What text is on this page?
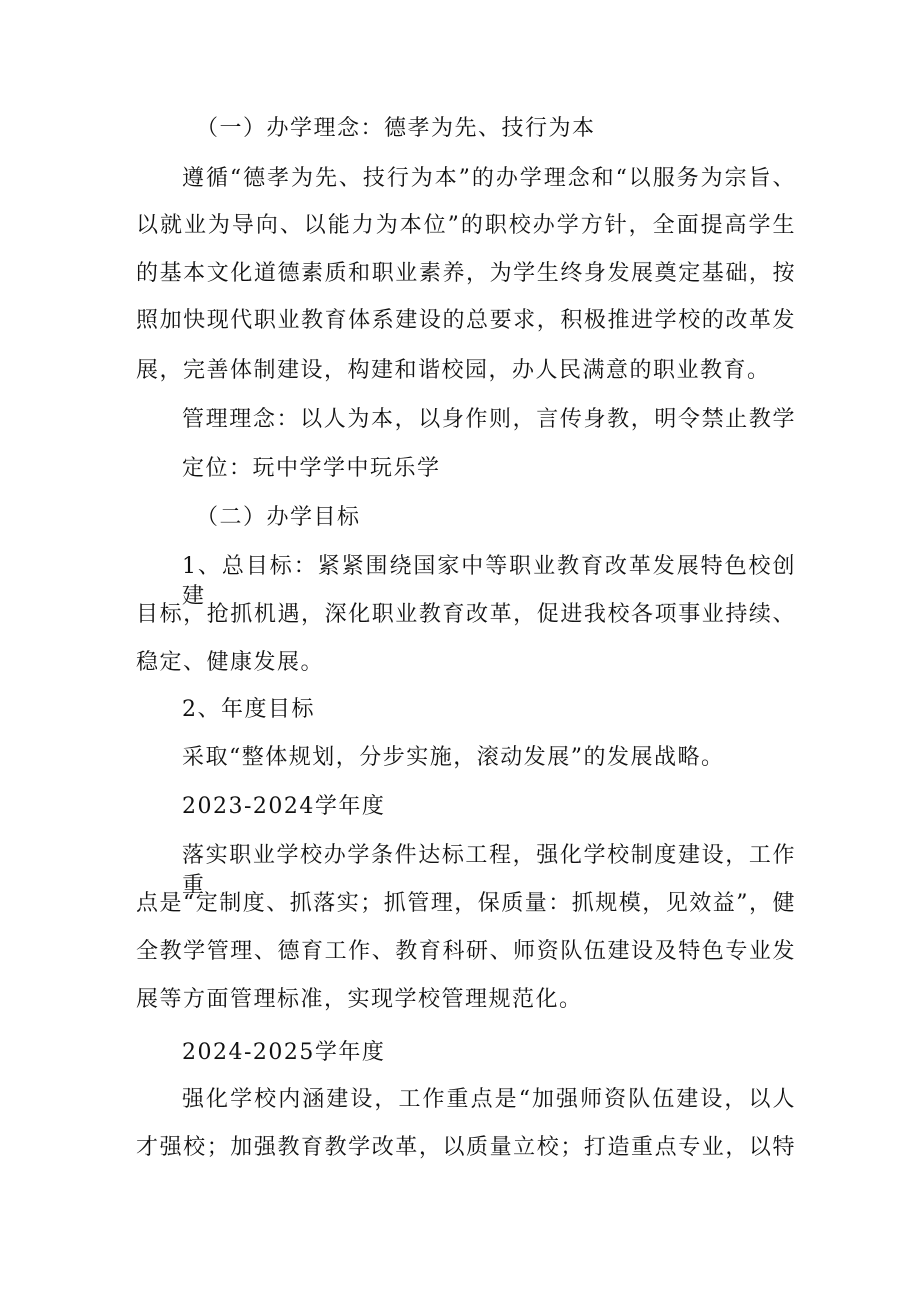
（一）办学理念：德孝为先、技行为本
遵循“德孝为先、技行为本”的办学理念和“以服务为宗旨、
以就业为导向、以能力为本位”的职校办学方针，全面提高学生
的基本文化道德素质和职业素养，为学生终身发展奠定基础，按
照加快现代职业教育体系建设的总要求，积极推进学校的改革发
展，完善体制建设，构建和谐校园，办人民满意的职业教育。
管理理念：以人为本，以身作则，言传身教，明令禁止教学
定位：玩中学学中玩乐学
（二）办学目标
1、总目标：紧紧围绕国家中等职业教育改革发展特色校创建
目标，抢抓机遇，深化职业教育改革，促进我校各项事业持续、
稳定、健康发展。
2、年度目标
采取“整体规划，分步实施，滚动发展”的发展战略。
2023-2024学年度
落实职业学校办学条件达标工程，强化学校制度建设，工作重
点是“定制度、抓落实；抓管理，保质量：抓规模，见效益”，健
全教学管理、德育工作、教育科研、师资队伍建设及特色专业发
展等方面管理标准，实现学校管理规范化。
2024-2025学年度
强化学校内涵建设，工作重点是“加强师资队伍建设，以人
才强校；加强教育教学改革，以质量立校；打造重点专业，以特
